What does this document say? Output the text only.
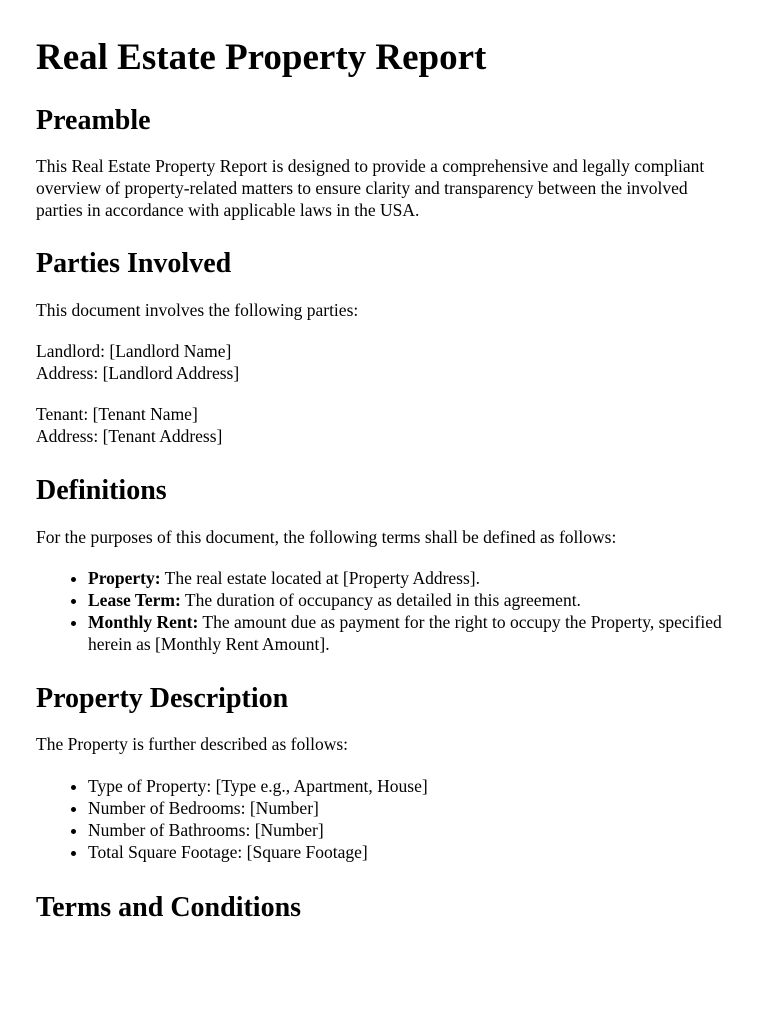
Real Estate Property Report
Preamble

This Real Estate Property Report is designed to provide a comprehensive and legally compliant overview of property-related matters to ensure clarity and transparency between the involved parties in accordance with applicable laws in the USA.

Parties Involved

This document involves the following parties:

Landlord: [Landlord Name]
Address: [Landlord Address]

Tenant: [Tenant Name]
Address: [Tenant Address]

Definitions

For the purposes of this document, the following terms shall be defined as follows:

• Property: The real estate located at [Property Address].
• Lease Term: The duration of occupancy as detailed in this agreement.
• Monthly Rent: The amount due as payment for the right to occupy the Property, specified herein as [Monthly Rent Amount].
Property Description

The Property is further described as follows:

• Type of Property: [Type e.g., Apartment, House]
• Number of Bedrooms: [Number]
• Number of Bathrooms: [Number]
• Total Square Footage: [Square Footage]
Terms and Conditions
